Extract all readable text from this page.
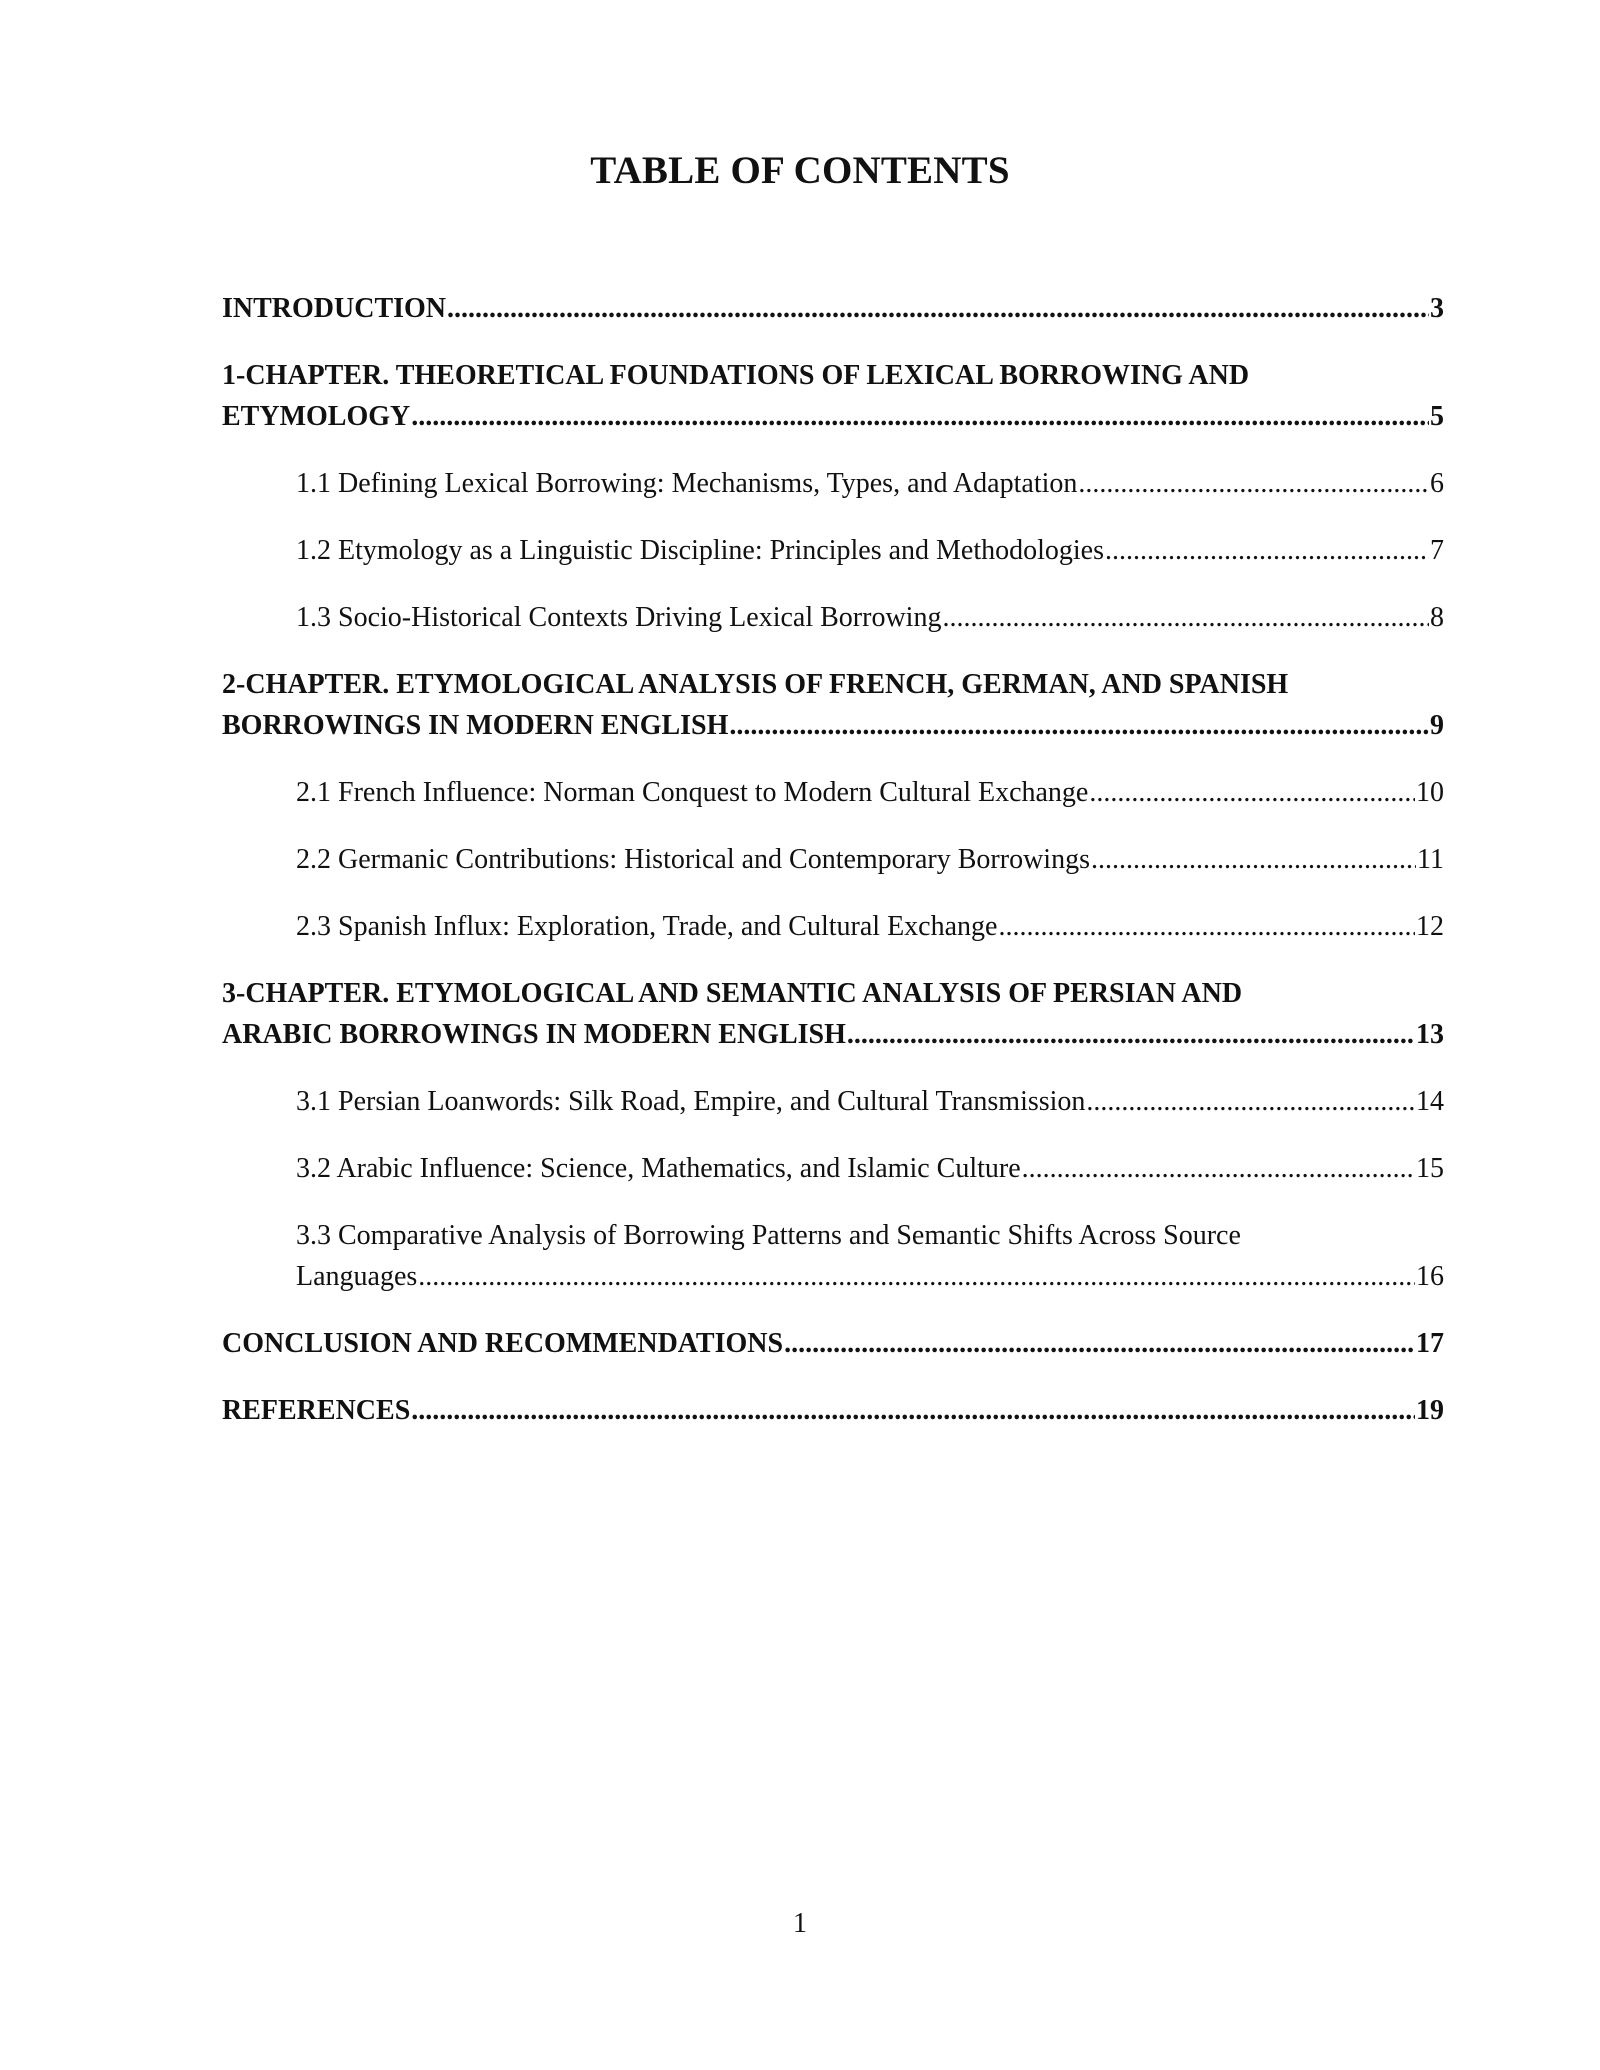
TABLE OF CONTENTS
INTRODUCTION .....	3
1-CHAPTER. THEORETICAL FOUNDATIONS OF LEXICAL BORROWING AND
ETYMOLOGY .....	5
1.1 Defining Lexical Borrowing: Mechanisms, Types, and Adaptation .....	6
1.2 Etymology as a Linguistic Discipline: Principles and Methodologies .....	7
1.3 Socio-Historical Contexts Driving Lexical Borrowing .....	8
2-CHAPTER. ETYMOLOGICAL ANALYSIS OF FRENCH, GERMAN, AND SPANISH
BORROWINGS IN MODERN ENGLISH .....	9
2.1 French Influence: Norman Conquest to Modern Cultural Exchange .....	10
2.2 Germanic Contributions: Historical and Contemporary Borrowings .....	11
2.3 Spanish Influx: Exploration, Trade, and Cultural Exchange .....	12
3-CHAPTER. ETYMOLOGICAL AND SEMANTIC ANALYSIS OF PERSIAN AND
ARABIC BORROWINGS IN MODERN ENGLISH .....	13
3.1 Persian Loanwords: Silk Road, Empire, and Cultural Transmission .....	14
3.2 Arabic Influence: Science, Mathematics, and Islamic Culture .....	15
3.3 Comparative Analysis of Borrowing Patterns and Semantic Shifts Across Source
Languages .....	16
CONCLUSION AND RECOMMENDATIONS .....	17
REFERENCES .....	19
1
